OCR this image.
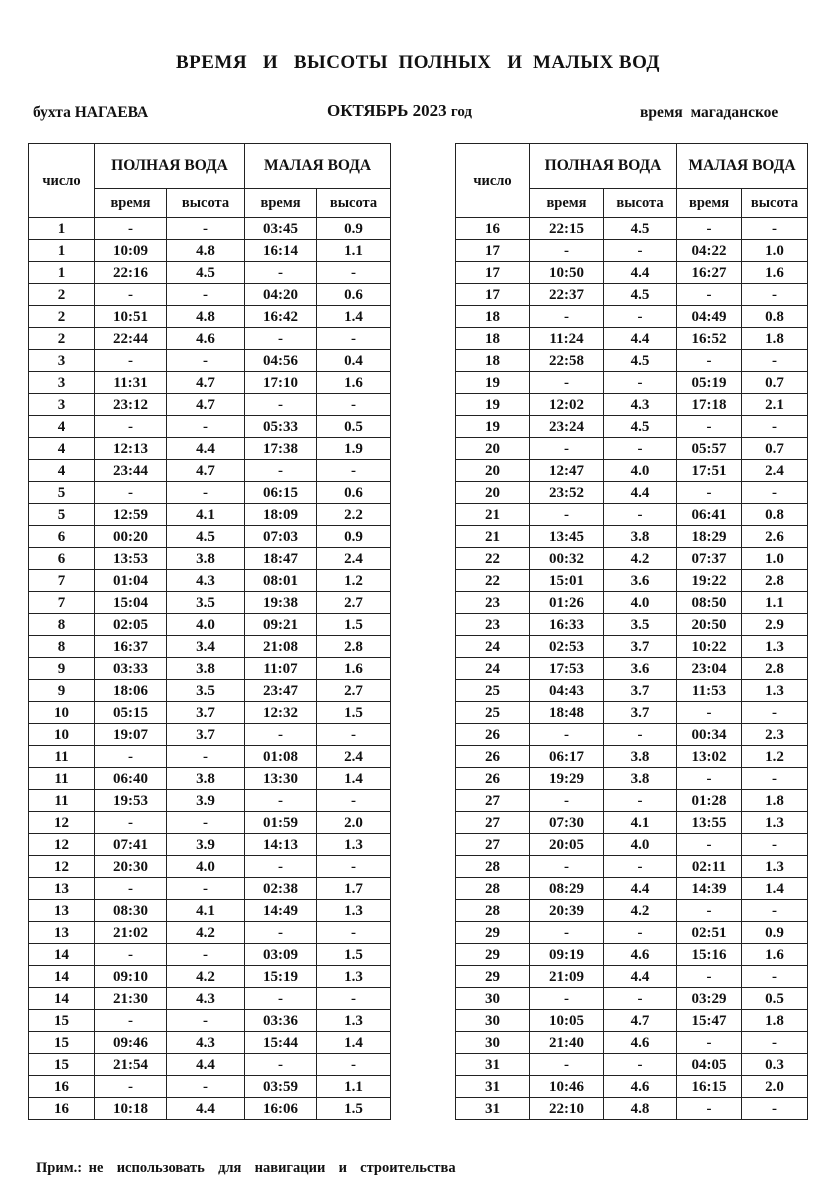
ВРЕМЯ   И   ВЫСОТЫ  ПОЛНЫХ   И  МАЛЫХ ВОД
бухта НАГАЕВА	ОКТЯБРЬ 2023 год	время  магаданское
число	ПОЛНАЯ ВОДА		МАЛАЯ ВОДА	
	время	высота	время	высота
1	-	-	03:45	0.9
1	10:09	4.8	16:14	1.1
1	22:16	4.5	-	-
2	-	-	04:20	0.6
2	10:51	4.8	16:42	1.4
2	22:44	4.6	-	-
3	-	-	04:56	0.4
3	11:31	4.7	17:10	1.6
3	23:12	4.7	-	-
4	-	-	05:33	0.5
4	12:13	4.4	17:38	1.9
4	23:44	4.7	-	-
5	-	-	06:15	0.6
5	12:59	4.1	18:09	2.2
6	00:20	4.5	07:03	0.9
6	13:53	3.8	18:47	2.4
7	01:04	4.3	08:01	1.2
7	15:04	3.5	19:38	2.7
8	02:05	4.0	09:21	1.5
8	16:37	3.4	21:08	2.8
9	03:33	3.8	11:07	1.6
9	18:06	3.5	23:47	2.7
10	05:15	3.7	12:32	1.5
10	19:07	3.7	-	-
11	-	-	01:08	2.4
11	06:40	3.8	13:30	1.4
11	19:53	3.9	-	-
12	-	-	01:59	2.0
12	07:41	3.9	14:13	1.3
12	20:30	4.0	-	-
13	-	-	02:38	1.7
13	08:30	4.1	14:49	1.3
13	21:02	4.2	-	-
14	-	-	03:09	1.5
14	09:10	4.2	15:19	1.3
14	21:30	4.3	-	-
15	-	-	03:36	1.3
15	09:46	4.3	15:44	1.4
15	21:54	4.4	-	-
16	-	-	03:59	1.1
16	10:18	4.4	16:06	1.5
число	ПОЛНАЯ ВОДА		МАЛАЯ ВОДА	
	время	высота	время	высота
16	22:15	4.5	-	-
17	-	-	04:22	1.0
17	10:50	4.4	16:27	1.6
17	22:37	4.5	-	-
18	-	-	04:49	0.8
18	11:24	4.4	16:52	1.8
18	22:58	4.5	-	-
19	-	-	05:19	0.7
19	12:02	4.3	17:18	2.1
19	23:24	4.5	-	-
20	-	-	05:57	0.7
20	12:47	4.0	17:51	2.4
20	23:52	4.4	-	-
21	-	-	06:41	0.8
21	13:45	3.8	18:29	2.6
22	00:32	4.2	07:37	1.0
22	15:01	3.6	19:22	2.8
23	01:26	4.0	08:50	1.1
23	16:33	3.5	20:50	2.9
24	02:53	3.7	10:22	1.3
24	17:53	3.6	23:04	2.8
25	04:43	3.7	11:53	1.3
25	18:48	3.7	-	-
26	-	-	00:34	2.3
26	06:17	3.8	13:02	1.2
26	19:29	3.8	-	-
27	-	-	01:28	1.8
27	07:30	4.1	13:55	1.3
27	20:05	4.0	-	-
28	-	-	02:11	1.3
28	08:29	4.4	14:39	1.4
28	20:39	4.2	-	-
29	-	-	02:51	0.9
29	09:19	4.6	15:16	1.6
29	21:09	4.4	-	-
30	-	-	03:29	0.5
30	10:05	4.7	15:47	1.8
30	21:40	4.6	-	-
31	-	-	04:05	0.3
31	10:46	4.6	16:15	2.0
31	22:10	4.8	-	-
Прим.: не  использовать  для  навигации  и  строительства
